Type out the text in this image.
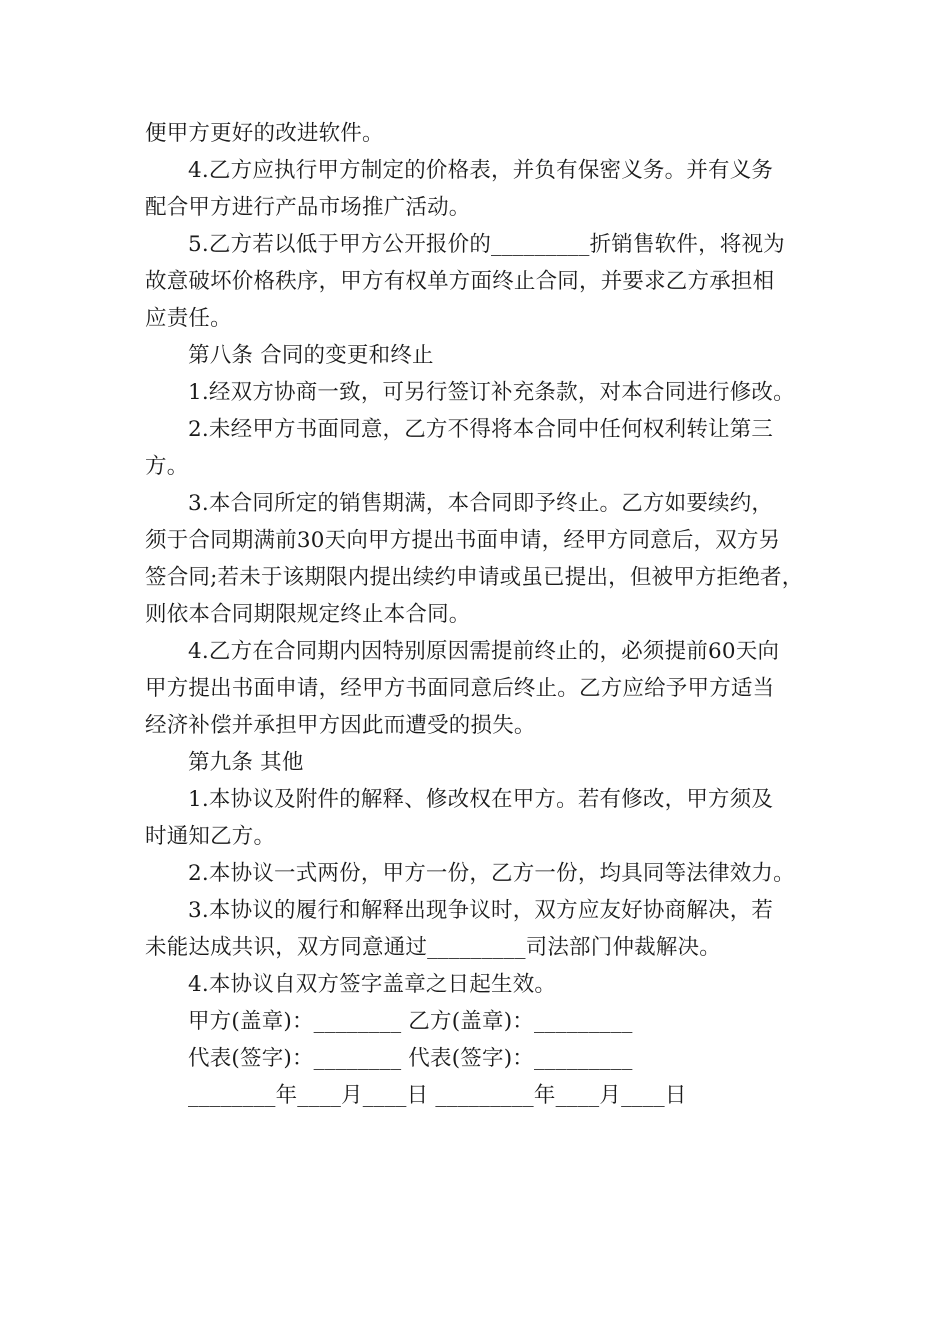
便甲方更好的改进软件。
4.乙方应执行甲方制定的价格表，并负有保密义务。并有义务
配合甲方进行产品市场推广活动。
5.乙方若以低于甲方公开报价的_________折销售软件，将视为
故意破坏价格秩序，甲方有权单方面终止合同，并要求乙方承担相
应责任。
第八条 合同的变更和终止
1.经双方协商一致，可另行签订补充条款，对本合同进行修改。
2.未经甲方书面同意，乙方不得将本合同中任何权利转让第三
方。
3.本合同所定的销售期满，本合同即予终止。乙方如要续约，
须于合同期满前30天向甲方提出书面申请，经甲方同意后，双方另
签合同;若未于该期限内提出续约申请或虽已提出，但被甲方拒绝者，
则依本合同期限规定终止本合同。
4.乙方在合同期内因特别原因需提前终止的，必须提前60天向
甲方提出书面申请，经甲方书面同意后终止。乙方应给予甲方适当
经济补偿并承担甲方因此而遭受的损失。
第九条 其他
1.本协议及附件的解释、修改权在甲方。若有修改，甲方须及
时通知乙方。
2.本协议一式两份，甲方一份，乙方一份，均具同等法律效力。
3.本协议的履行和解释出现争议时，双方应友好协商解决，若
未能达成共识，双方同意通过_________司法部门仲裁解决。
4.本协议自双方签字盖章之日起生效。
甲方(盖章)：________ 乙方(盖章)：_________
代表(签字)：________ 代表(签字)：_________
________年____月____日 _________年____月____日
